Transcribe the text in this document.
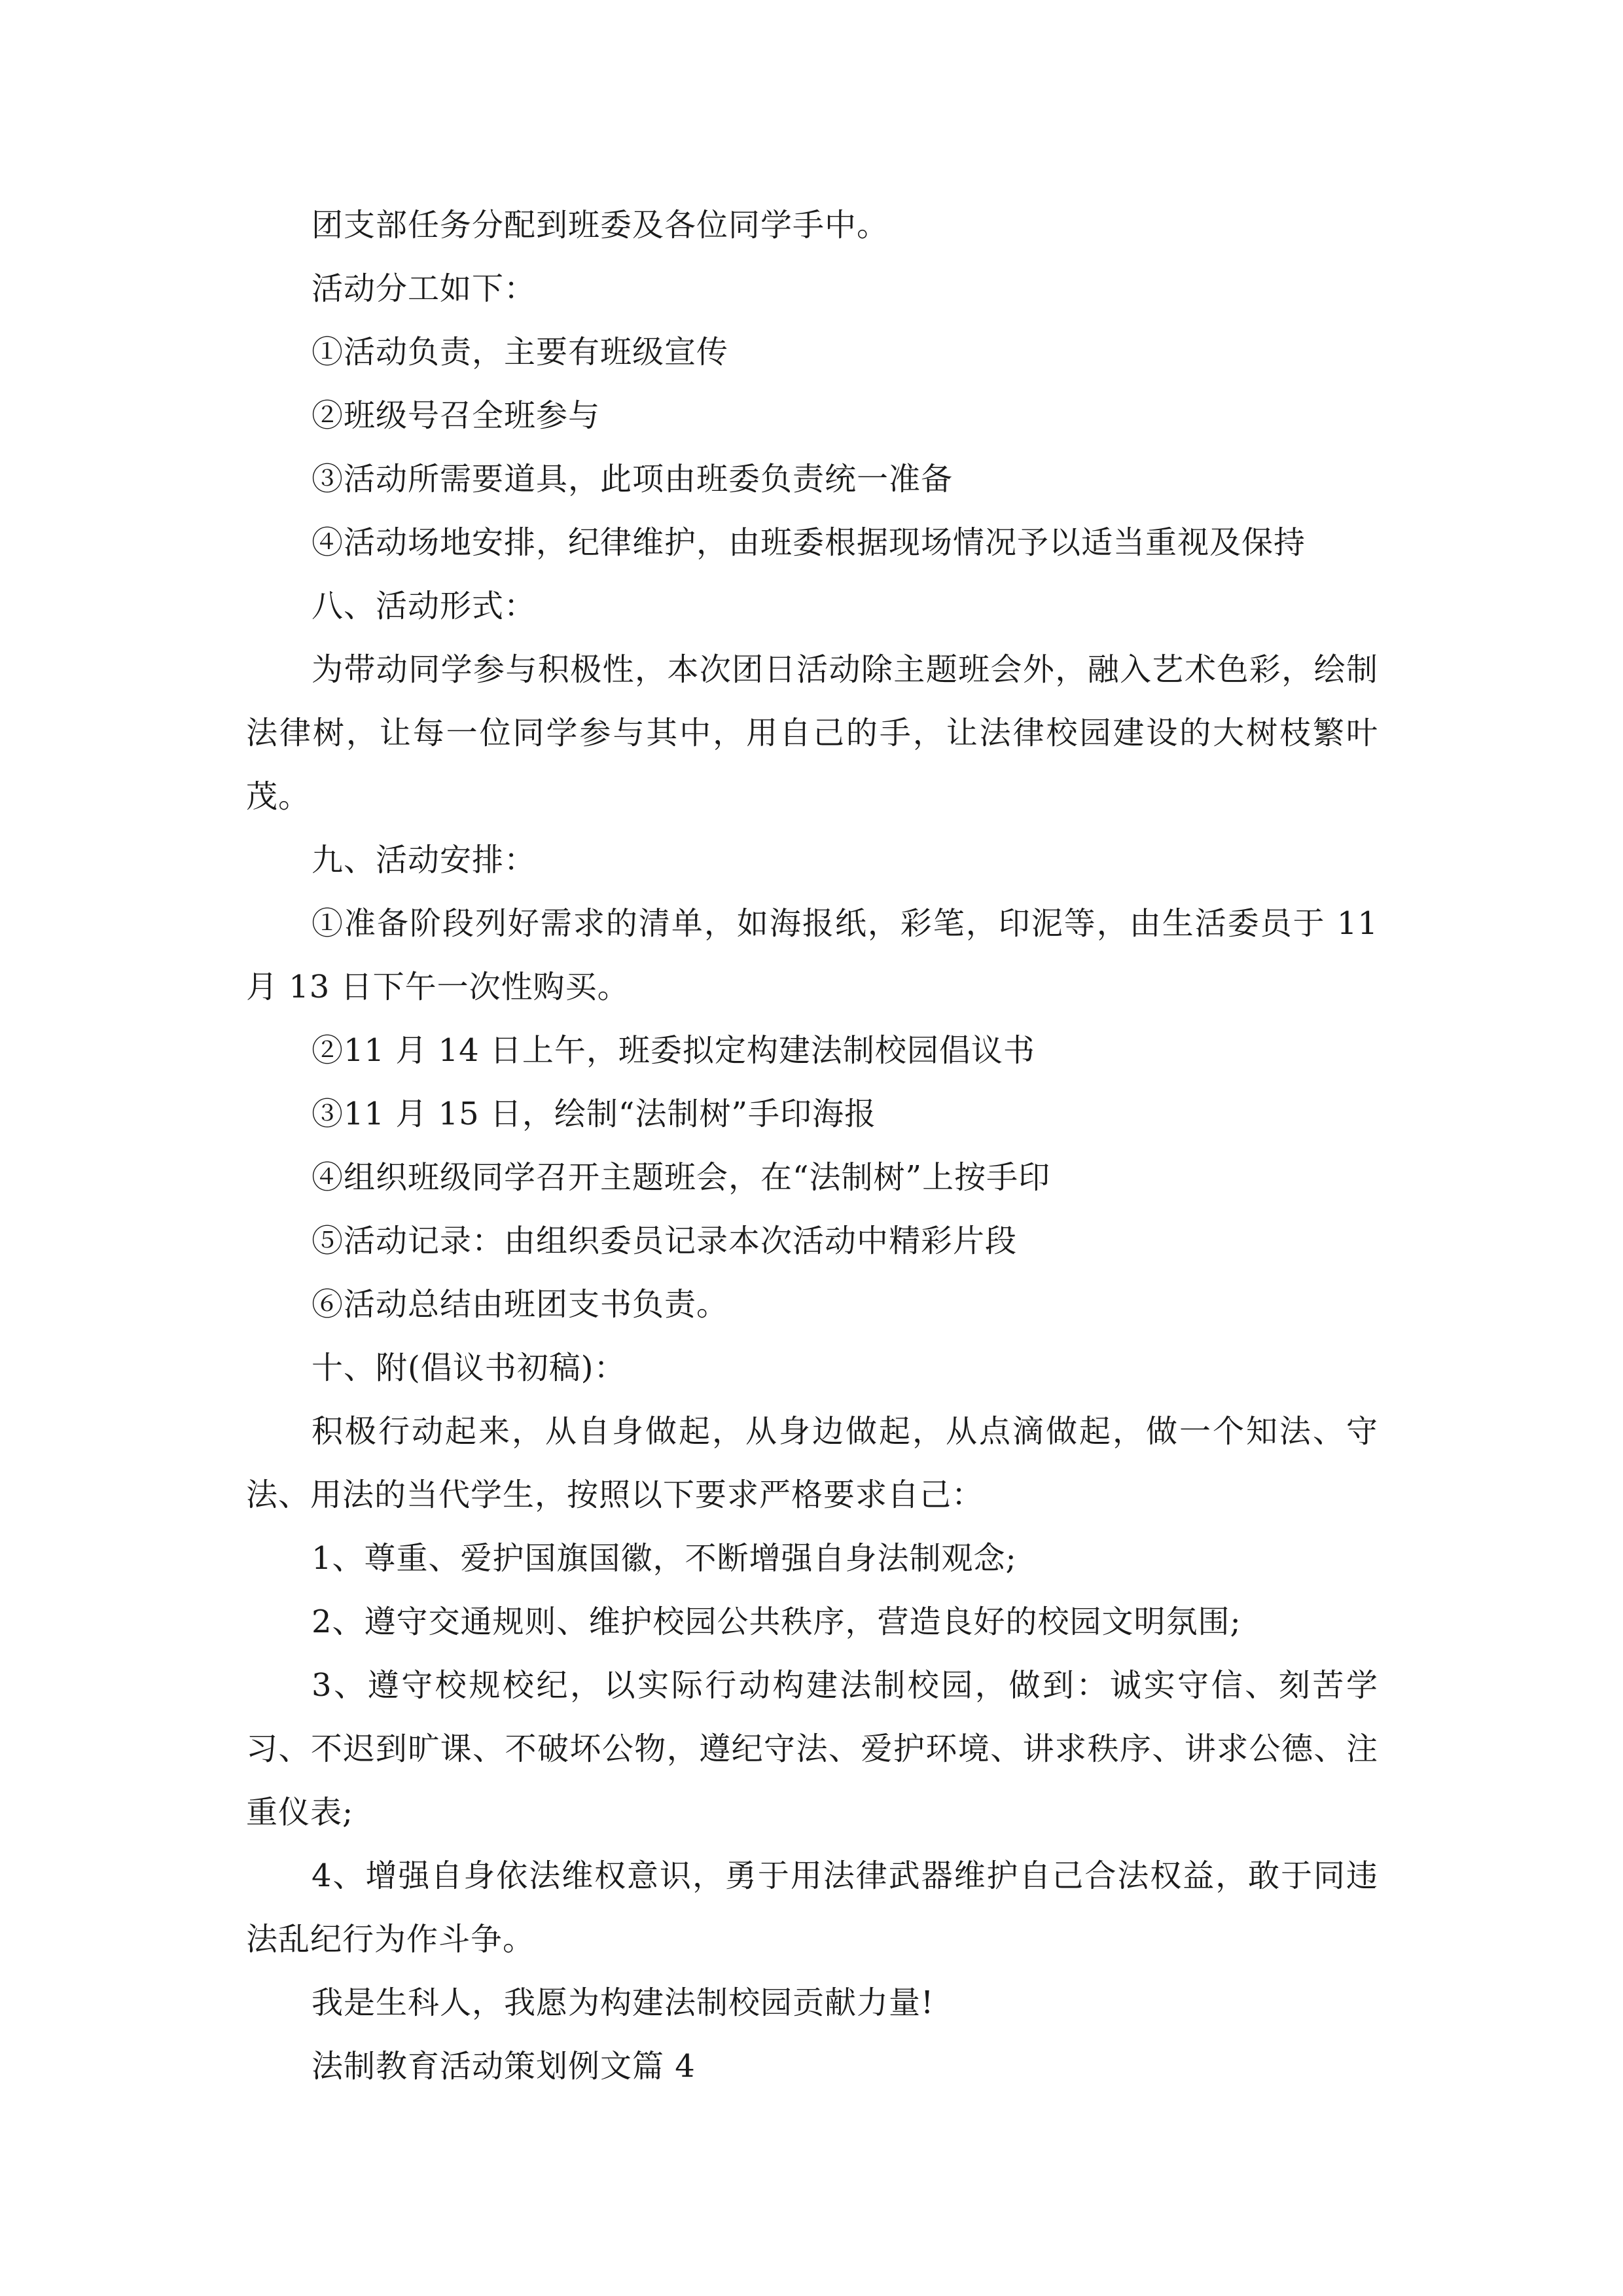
团支部任务分配到班委及各位同学手中。

活动分工如下：

①活动负责，主要有班级宣传

②班级号召全班参与

③活动所需要道具，此项由班委负责统一准备

④活动场地安排，纪律维护，由班委根据现场情况予以适当重视及保持

八、活动形式：

为带动同学参与积极性，本次团日活动除主题班会外，融入艺术色彩，绘制法律树，让每一位同学参与其中，用自己的手，让法律校园建设的大树枝繁叶茂。

九、活动安排：

①准备阶段列好需求的清单，如海报纸，彩笔，印泥等，由生活委员于 11 月 13 日下午一次性购买。

②11 月 14 日上午，班委拟定构建法制校园倡议书

③11 月 15 日，绘制“法制树”手印海报

④组织班级同学召开主题班会，在“法制树”上按手印

⑤活动记录：由组织委员记录本次活动中精彩片段

⑥活动总结由班团支书负责。

十、附(倡议书初稿)：

积极行动起来，从自身做起，从身边做起，从点滴做起，做一个知法、守法、用法的当代学生，按照以下要求严格要求自己：

1、尊重、爱护国旗国徽，不断增强自身法制观念;

2、遵守交通规则、维护校园公共秩序，营造良好的校园文明氛围;

3、遵守校规校纪，以实际行动构建法制校园，做到：诚实守信、刻苦学习、不迟到旷课、不破坏公物，遵纪守法、爱护环境、讲求秩序、讲求公德、注重仪表;

4、增强自身依法维权意识，勇于用法律武器维护自己合法权益，敢于同违法乱纪行为作斗争。

我是生科人，我愿为构建法制校园贡献力量!

法制教育活动策划例文篇 4
